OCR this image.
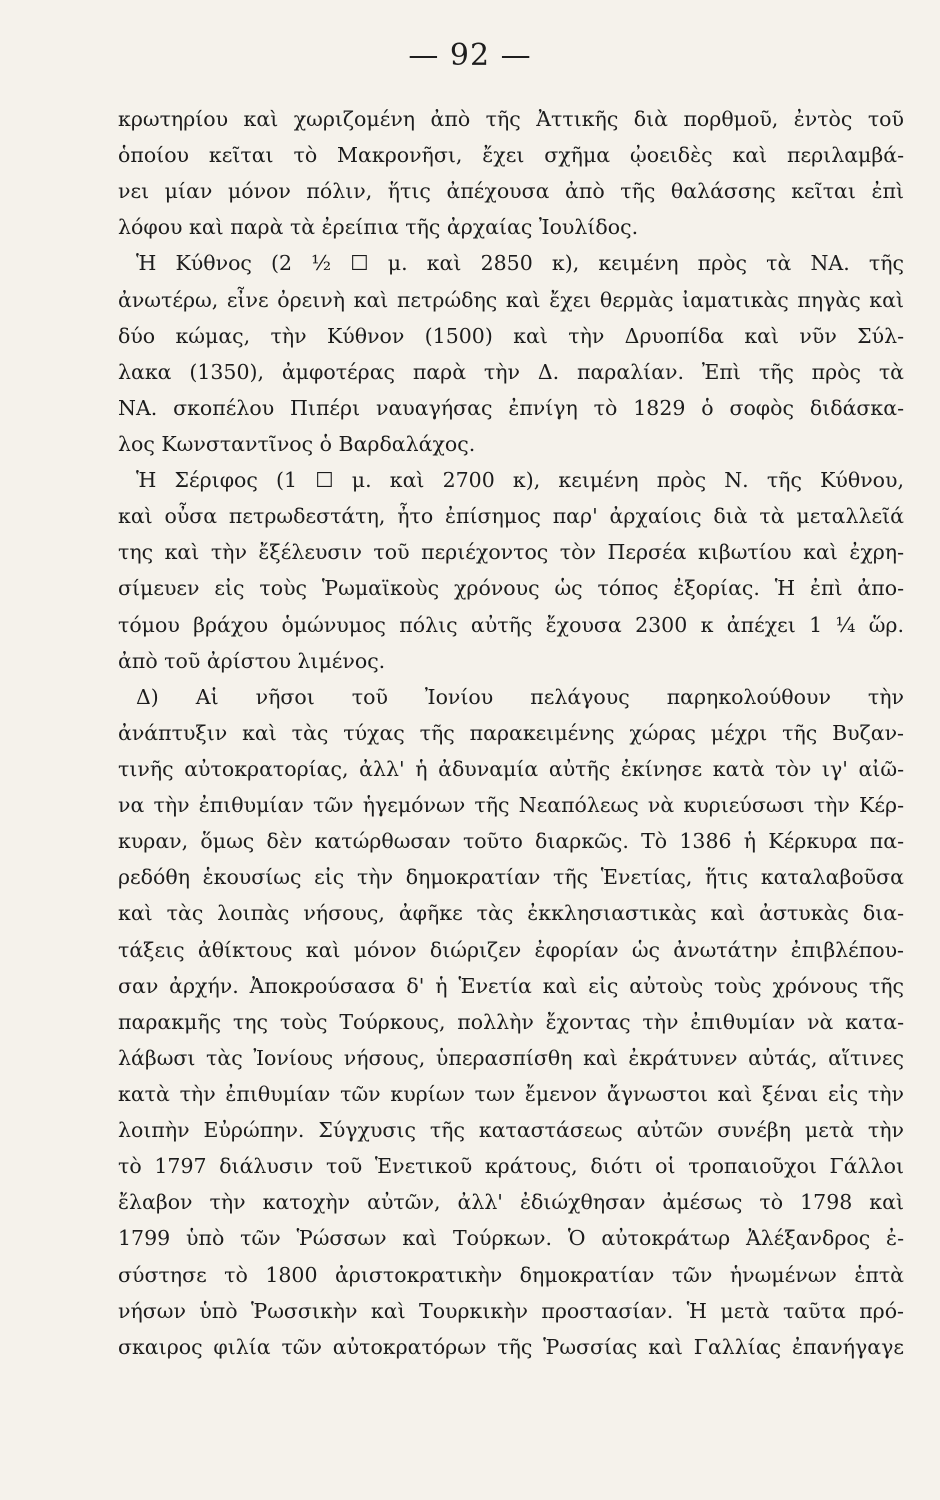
— 92 —
κρωτηρίου καὶ χωριζομένη ἀπὸ τῆς Ἀττικῆς διὰ πορθμοῦ, ἐντὸς τοῦ
ὁποίου κεῖται τὸ Μακρονῆσι, ἔχει σχῆμα ᾠοειδὲς καὶ περιλαμβά-
νει μίαν μόνον πόλιν, ἥτις ἀπέχουσα ἀπὸ τῆς θαλάσσης κεῖται ἐπὶ
λόφου καὶ παρὰ τὰ ἐρείπια τῆς ἀρχαίας Ἰουλίδος.
Ἡ Κύθνος (2 ½ ☐ μ. καὶ 2850 κ), κειμένη πρὸς τὰ ΝΑ. τῆς
ἀνωτέρω, εἶνε ὀρεινὴ καὶ πετρώδης καὶ ἔχει θερμὰς ἰαματικὰς πηγὰς καὶ
δύο κώμας, τὴν Κύθνον (1500) καὶ τὴν Δρυοπίδα καὶ νῦν Σύλ-
λακα (1350), ἀμφοτέρας παρὰ τὴν Δ. παραλίαν. Ἐπὶ τῆς πρὸς τὰ
ΝΑ. σκοπέλου Πιπέρι ναυαγήσας ἐπνίγη τὸ 1829 ὁ σοφὸς διδάσκα-
λος Κωνσταντῖνος ὁ Βαρδαλάχος.
Ἡ Σέριφος (1 ☐ μ. καὶ 2700 κ), κειμένη πρὸς Ν. τῆς Κύθνου,
καὶ οὖσα πετρωδεστάτη, ἦτο ἐπίσημος παρ' ἀρχαίοις διὰ τὰ μεταλλεῖά
της καὶ τὴν ἔξέλευσιν τοῦ περιέχοντος τὸν Περσέα κιβωτίου καὶ ἐχρη-
σίμευεν εἰς τοὺς Ῥωμαϊκοὺς χρόνους ὡς τόπος ἐξορίας. Ἡ ἐπὶ ἀπο-
τόμου βράχου ὁμώνυμος πόλις αὐτῆς ἔχουσα 2300 κ ἀπέχει 1 ¼ ὥρ.
ἀπὸ τοῦ ἀρίστου λιμένος.
Δ) Αἱ νῆσοι τοῦ Ἰονίου πελάγους παρηκολούθουν τὴν
ἀνάπτυξιν καὶ τὰς τύχας τῆς παρακειμένης χώρας μέχρι τῆς Βυζαν-
τινῆς αὐτοκρατορίας, ἀλλ' ἡ ἀδυναμία αὐτῆς ἐκίνησε κατὰ τὸν ιγ' αἰῶ-
να τὴν ἐπιθυμίαν τῶν ἡγεμόνων τῆς Νεαπόλεως νὰ κυριεύσωσι τὴν Κέρ-
κυραν, ὅμως δὲν κατώρθωσαν τοῦτο διαρκῶς. Τὸ 1386 ἡ Κέρκυρα πα-
ρεδόθη ἑκουσίως εἰς τὴν δημοκρατίαν τῆς Ἑνετίας, ἥτις καταλαβοῦσα
καὶ τὰς λοιπὰς νήσους, ἀφῆκε τὰς ἐκκλησιαστικὰς καὶ ἀστυκὰς δια-
τάξεις ἀθίκτους καὶ μόνον διώριζεν ἐφορίαν ὡς ἀνωτάτην ἐπιβλέπου-
σαν ἀρχήν. Ἀποκρούσασα δ' ἡ Ἑνετία καὶ εἰς αὐτοὺς τοὺς χρόνους τῆς
παρακμῆς της τοὺς Τούρκους, πολλὴν ἔχοντας τὴν ἐπιθυμίαν νὰ κατα-
λάβωσι τὰς Ἰονίους νήσους, ὑπερασπίσθη καὶ ἐκράτυνεν αὐτάς, αἵτινες
κατὰ τὴν ἐπιθυμίαν τῶν κυρίων των ἔμενον ἄγνωστοι καὶ ξέναι εἰς τὴν
λοιπὴν Εὐρώπην. Σύγχυσις τῆς καταστάσεως αὐτῶν συνέβη μετὰ τὴν
τὸ 1797 διάλυσιν τοῦ Ἑνετικοῦ κράτους, διότι οἱ τροπαιοῦχοι Γάλλοι
ἔλαβον τὴν κατοχὴν αὐτῶν, ἀλλ' ἐδιώχθησαν ἀμέσως τὸ 1798 καὶ
1799 ὑπὸ τῶν Ῥώσσων καὶ Τούρκων. Ὁ αὐτοκράτωρ Ἀλέξανδρος ἐ-
σύστησε τὸ 1800 ἀριστοκρατικὴν δημοκρατίαν τῶν ἡνωμένων ἑπτὰ
νήσων ὑπὸ Ῥωσσικὴν καὶ Τουρκικὴν προστασίαν. Ἡ μετὰ ταῦτα πρό-
σκαιρος φιλία τῶν αὐτοκρατόρων τῆς Ῥωσσίας καὶ Γαλλίας ἐπανήγαγε
